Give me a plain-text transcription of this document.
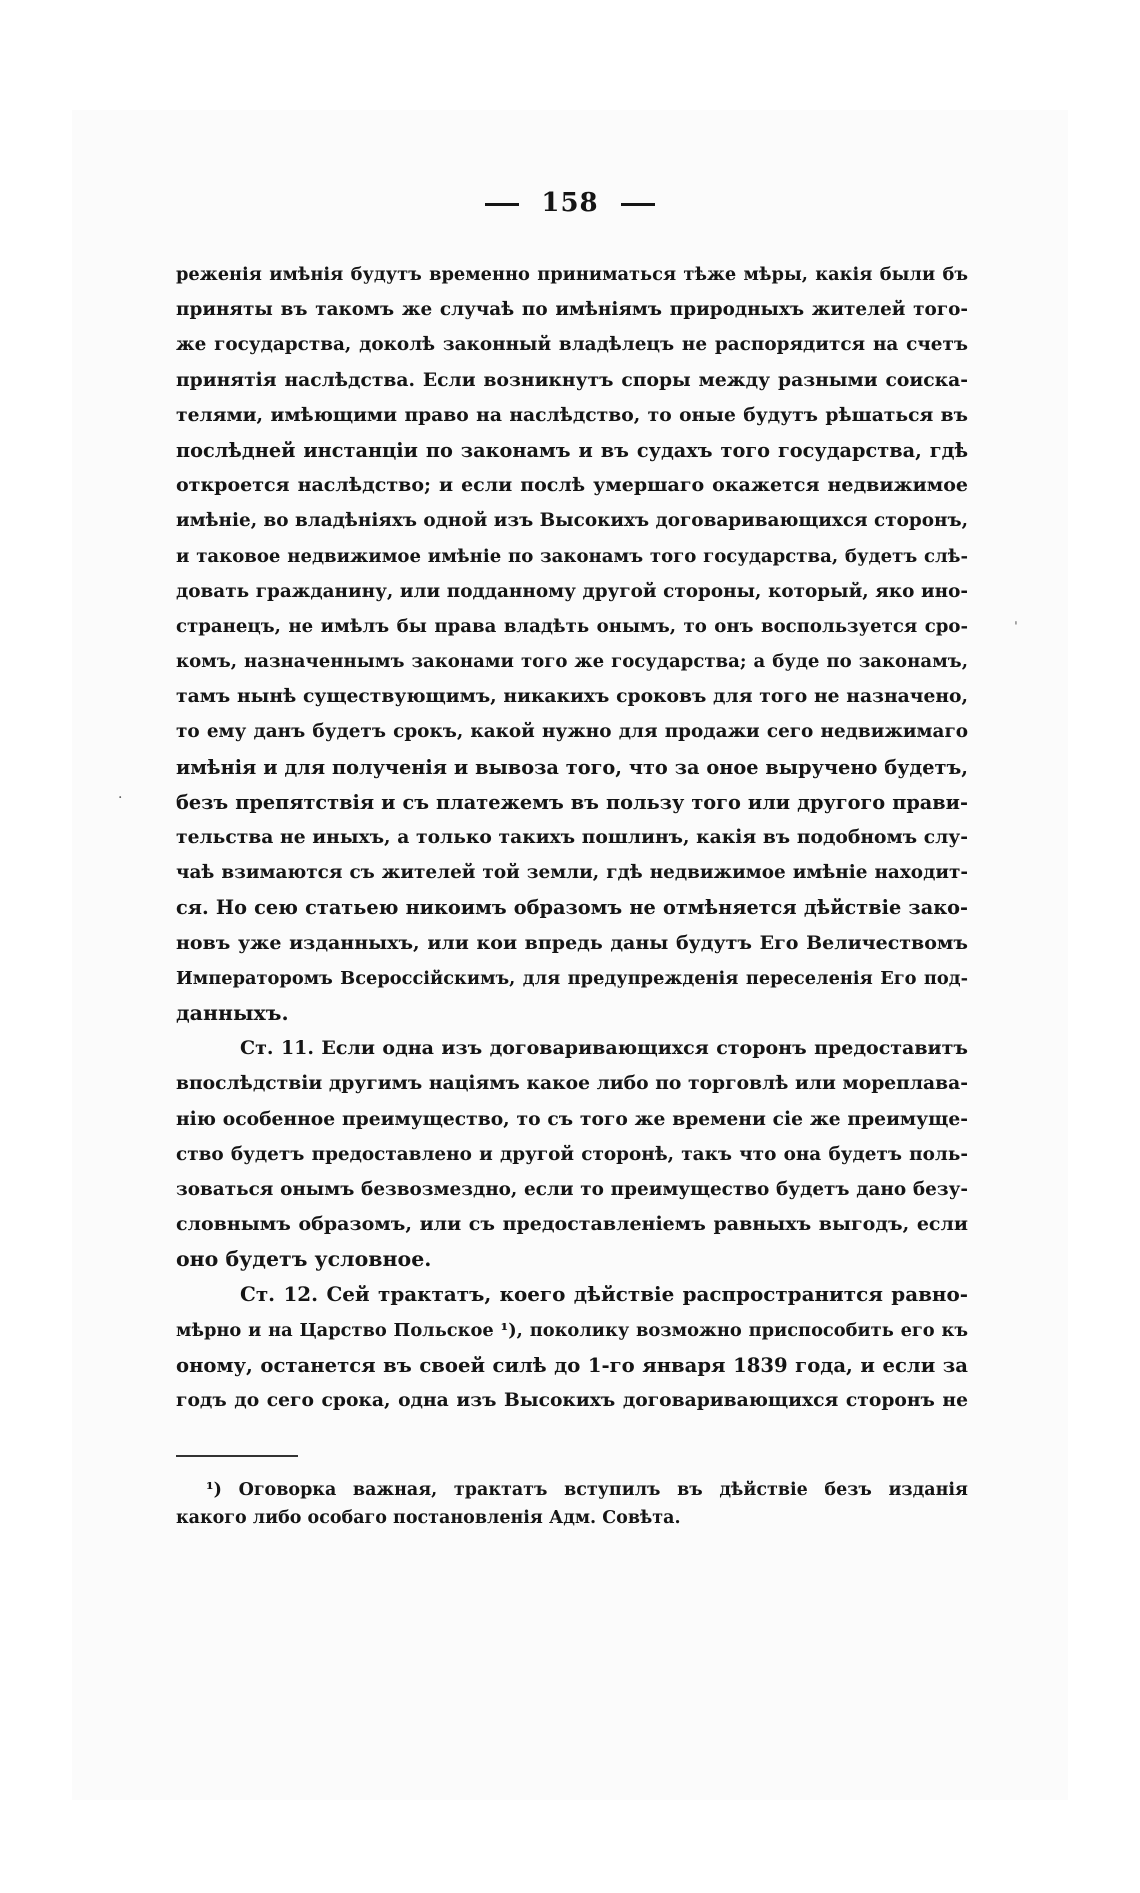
158
реженія имѣнія будутъ временно приниматься тѣже мѣры, какія были бъ
приняты въ такомъ же случаѣ по имѣніямъ природныхъ жителей того-
же государства, доколѣ законный владѣлецъ не распорядится на счетъ
принятія наслѣдства. Если возникнутъ споры между разными соиска-
телями, имѣющими право на наслѣдство, то оные будутъ рѣшаться въ
послѣдней инстанціи по законамъ и въ судахъ того государства, гдѣ
откроется наслѣдство; и если послѣ умершаго окажется недвижимое
имѣніе, во владѣніяхъ одной изъ Высокихъ договаривающихся сторонъ,
и таковое недвижимое имѣніе по законамъ того государства, будетъ слѣ-
довать гражданину, или подданному другой стороны, который, яко ино-
странецъ, не имѣлъ бы права владѣть онымъ, то онъ воспользуется сро-
комъ, назначеннымъ законами того же государства; а буде по законамъ,
тамъ нынѣ существующимъ, никакихъ сроковъ для того не назначено,
то ему данъ будетъ срокъ, какой нужно для продажи сего недвижимаго
имѣнія и для полученія и вывоза того, что за оное выручено будетъ,
безъ препятствія и съ платежемъ въ пользу того или другого прави-
тельства не иныхъ, а только такихъ пошлинъ, какія въ подобномъ слу-
чаѣ взимаются съ жителей той земли, гдѣ недвижимое имѣніе находит-
ся. Но сею статьею никоимъ образомъ не отмѣняется дѣйствіе зако-
новъ уже изданныхъ, или кои впредь даны будутъ Его Величествомъ
Императоромъ Всероссійскимъ, для предупрежденія переселенія Его под-
данныхъ.
Ст. 11. Если одна изъ договаривающихся сторонъ предоставитъ
впослѣдствіи другимъ націямъ какое либо по торговлѣ или мореплава-
нію особенное преимущество, то съ того же времени сіе же преимуще-
ство будетъ предоставлено и другой сторонѣ, такъ что она будетъ поль-
зоваться онымъ безвозмездно, если то преимущество будетъ дано безу-
словнымъ образомъ, или съ предоставленіемъ равныхъ выгодъ, если
оно будетъ условное.
Ст. 12. Сей трактатъ, коего дѣйствіе распространится равно-
мѣрно и на Царство Польское ¹), поколику возможно приспособить его къ
оному, останется въ своей силѣ до 1-го января 1839 года, и если за
годъ до сего срока, одна изъ Высокихъ договаривающихся сторонъ не
¹) Оговорка важная, трактатъ вступилъ въ дѣйствіе безъ изданія
какого либо особаго постановленія Адм. Совѣта.
ˈ
·
